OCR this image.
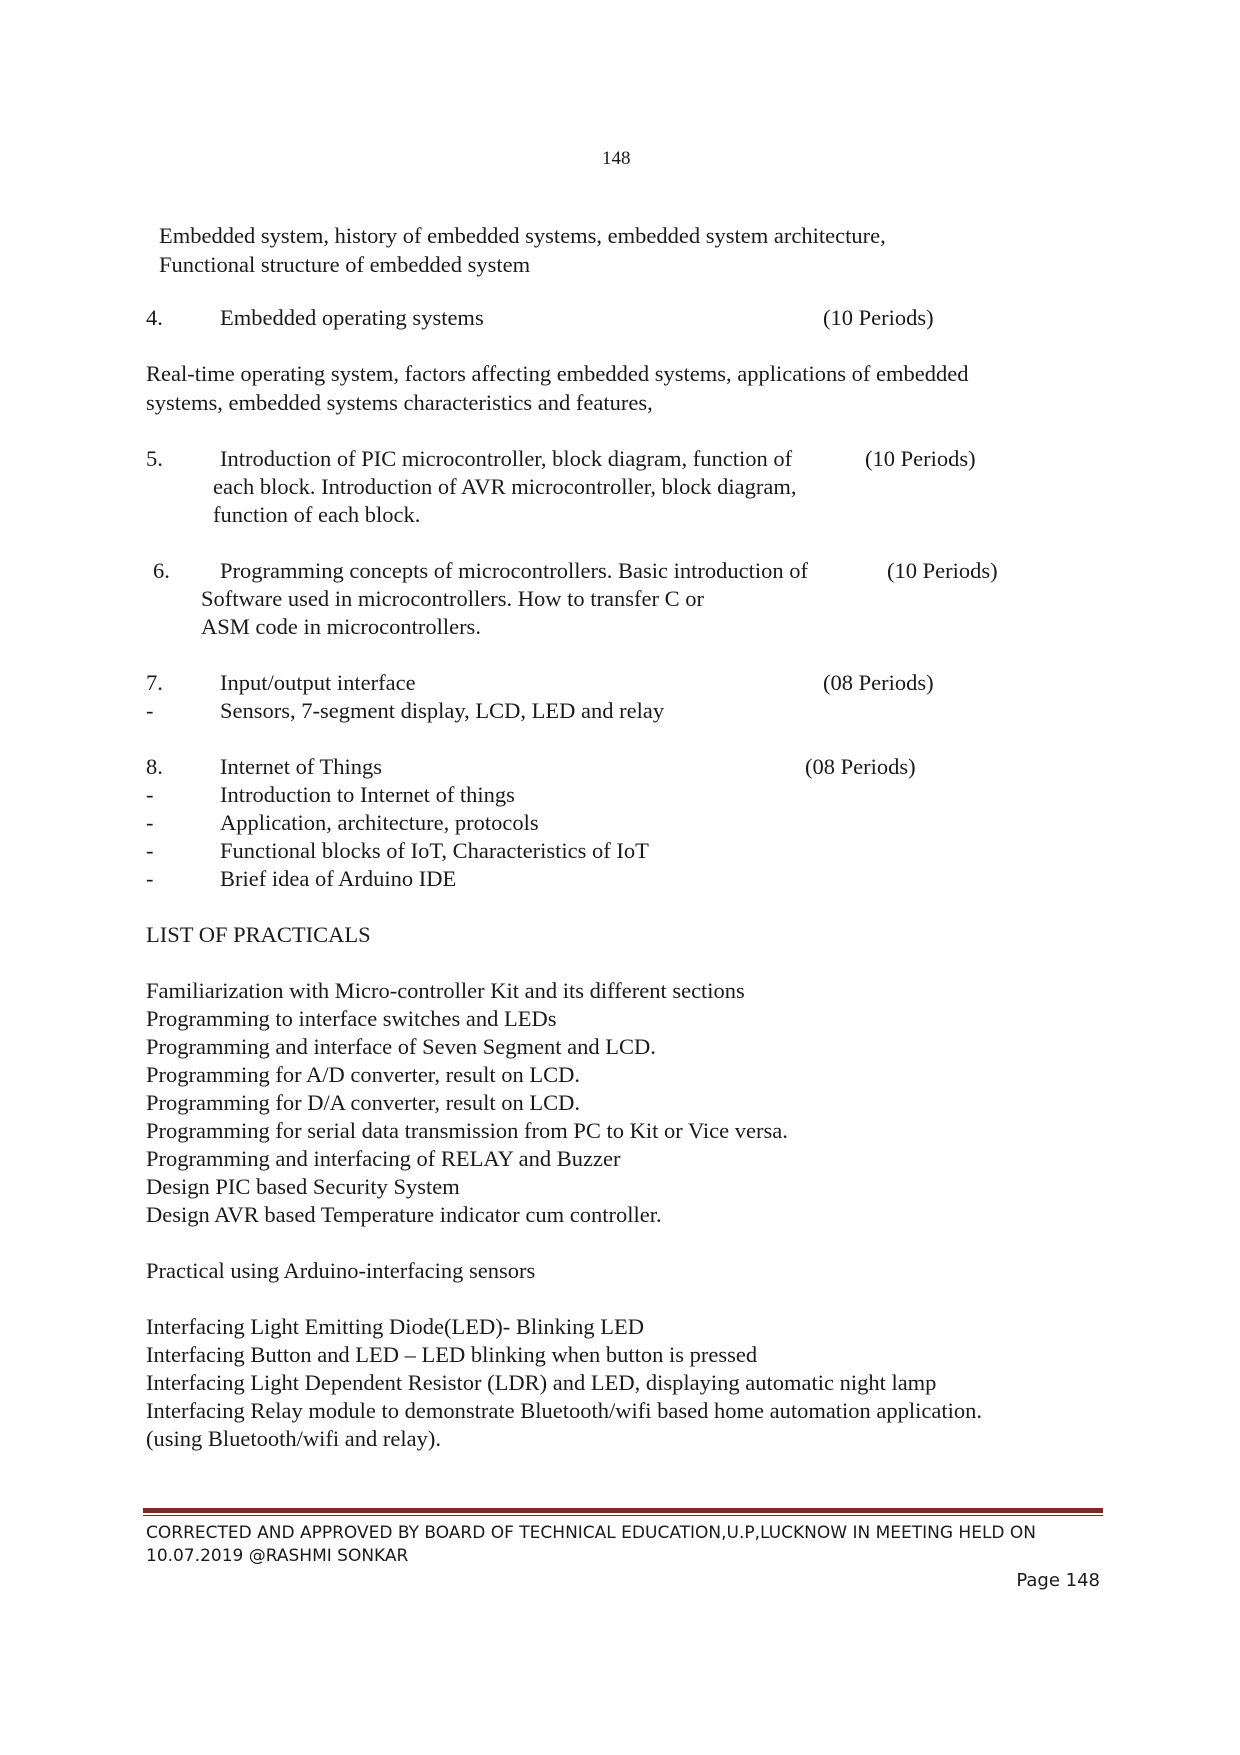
148
Embedded system, history of embedded systems, embedded system architecture,
Functional structure of embedded system
4.	Embedded operating systems	(10 Periods)
Real-time operating system, factors affecting embedded systems, applications of embedded
systems, embedded systems characteristics and features,
5.	Introduction of PIC microcontroller, block diagram, function of	(10 Periods)
each block. Introduction of AVR microcontroller, block diagram,
function of each block.
6. Programming concepts of microcontrollers. Basic introduction of	(10 Periods)
Software used in microcontrollers. How to transfer C or
ASM code in microcontrollers.
7.	Input/output interface	(08 Periods)
-	Sensors, 7-segment display, LCD, LED and relay
8.	Internet of Things	(08 Periods)
-	Introduction to Internet of things
-	Application, architecture, protocols
-	Functional blocks of IoT, Characteristics of IoT
-	Brief idea of Arduino IDE
LIST OF PRACTICALS
Familiarization with Micro-controller Kit and its different sections
Programming to interface switches and LEDs
Programming and interface of Seven Segment and LCD.
Programming for A/D converter, result on LCD.
Programming for D/A converter, result on LCD.
Programming for serial data transmission from PC to Kit or Vice versa.
Programming and interfacing of RELAY and Buzzer
Design PIC based Security System
Design AVR based Temperature indicator cum controller.
Practical using Arduino-interfacing sensors
Interfacing Light Emitting Diode(LED)- Blinking LED
Interfacing Button and LED – LED blinking when button is pressed
Interfacing Light Dependent Resistor (LDR) and LED, displaying automatic night lamp
Interfacing Relay module to demonstrate Bluetooth/wifi based home automation application.
(using Bluetooth/wifi and relay).
CORRECTED AND APPROVED BY BOARD OF TECHNICAL EDUCATION,U.P,LUCKNOW IN MEETING HELD ON
10.07.2019 @RASHMI SONKAR
Page 148
